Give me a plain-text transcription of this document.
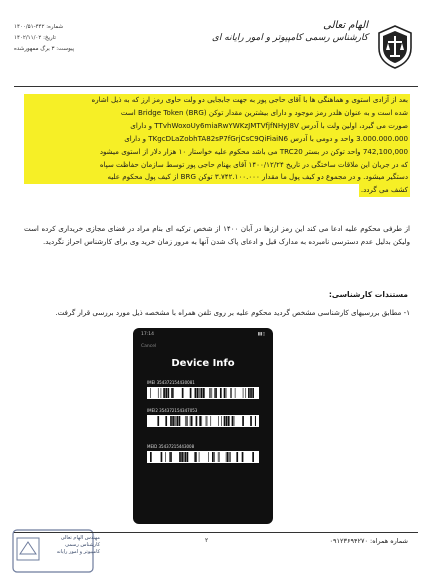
شماره: ۴۴۲-۱۴۰۰/۵۱
تاریخ: ۱۴۰۲/۱۱/۰۲
پیوست: ۳ برگ ممهورشده
الهام تعالی
کارشناس رسمی کامپیوتر و امور رایانه ای
بعد از آزادی استوی و هماهنگی ها با آقای حاجی پور به جهت جابجایی دو ولت حاوی رمز ارز که به ذیل اشاره
شده است و به عنوان هلدر رمز موجود و دارای بیشترین مقدار توکن Bridge Token (BRG) است
صورت می گیرد، اولین ولت با آدرس TTvhWoxoUy6miaRwYWKzJMTVfjfNHyJ8V و دارای
3.000.000.000 واحد و دومی با آدرس TKgcDLaZobhTA82sP7fGrjCsC9QiFiaiN6 و دارای
742,100,000 واحد توکن در بستر TRC20 می باشد محکوم علیه خواستار ۱۰ هزار دلار از استوی میشود
که در جریان این ملاقات ساختگی در تاریخ ۱۴۰۰/۱۲/۲۴ آقای بهنام حاجی پور توسط سازمان حفاظت سپاه
دستگیر میشود. و در مجموع دو کیف پول ما مقدار ۳.۷۴۲.۱۰۰.۰۰۰ توکن BRG از کیف پول محکوم علیه
کشف می گردد.
از طرفی محکوم علیه ادعا می کند این رمز ارزها در آبان ۱۴۰۰ از شخص ترکیه ای بنام مراد در فضای مجازی خریداری کرده است ولیکن بدلیل عدم دسترسی نامبرده به مدارک قبل و ادعای پاک شدن آنها به مرور زمان خرید وی برای کارشناس احراز نگردید.
مستندات کارشناسی:
۱- مطابق بررسیهای کارشناسی مشخص گردید محکوم علیه بر روی تلفن همراه با مشخصه ذیل مورد بررسی قرار گرفت.
17:14	▮▮▯
Cancel
Device Info
IMEI 354372154430081
IMEI2 354372154347053
MEID 35437215443008
مهندس الهام تعالی
کارشناس رسمی
کامپیوتر و امور رایانه
۲	شماره همراه: ۰۹۱۲۳۶۹۴۲۷۰
